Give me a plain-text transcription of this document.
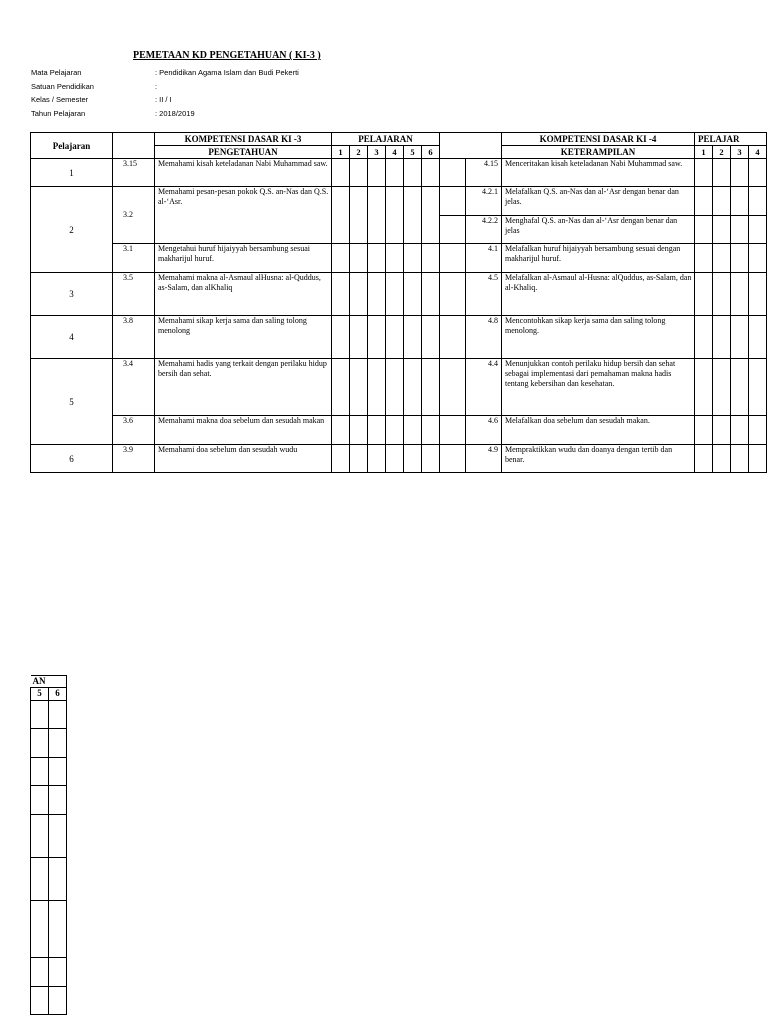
PEMETAAN KD PENGETAHUAN ( KI-3 )
Mata Pelajaran	: Pendidikan Agama Islam dan Budi Pekerti
Satuan Pendidikan	:
Kelas / Semester	: II / I
Tahun Pelajaran	: 2018/2019
Pelajaran		KOMPETENSI DASAR KI -3	PELAJARAN								KOMPETENSI DASAR KI -4	PELAJAR			
		PENGETAHUAN	1	2	3	4	5	6			KETERAMPILAN	1	2	3	4
1	3.15	Memahami kisah keteladanan Nabi Muhammad saw.								4.15	Menceritakan kisah keteladanan Nabi Muhammad saw.				
2	3.2	Memahami pesan-pesan pokok Q.S. an-Nas dan Q.S. al-‘Asr.								4.2.1	Melafalkan Q.S. an-Nas dan al-‘Asr dengan benar dan jelas.				
										4.2.2	Menghafal Q.S. an-Nas dan al-‘Asr dengan benar dan jelas				
	3.1	Mengetahui huruf hijaiyyah bersambung sesuai makharijul huruf.								4.1	Melafalkan huruf hijaiyyah bersambung sesuai dengan makharijul huruf.				
3	3.5	Memahami makna al-Asmaul alHusna: al-Quddus, as-Salam, dan alKhaliq								4.5	Melafalkan al-Asmaul al-Husna: alQuddus, as-Salam, dan al-Khaliq.				
4	3.8	Memahami sikap kerja sama dan saling tolong menolong								4.8	Mencontohkan sikap kerja sama dan saling tolong menolong.				
5	3.4	Memahami hadis yang terkait dengan perilaku hidup bersih dan sehat.								4.4	Menunjukkan contoh perilaku hidup bersih dan sehat sebagai implementasi dari pemahaman makna hadis tentang kebersihan dan kesehatan.				
	3.6	Memahami makna doa sebelum dan sesudah makan								4.6	Melafalkan doa sebelum dan sesudah makan.				
6	3.9	Memahami doa sebelum dan sesudah wudu								4.9	Mempraktikkan wudu dan doanya dengan tertib dan benar.				
AN	
5	6
